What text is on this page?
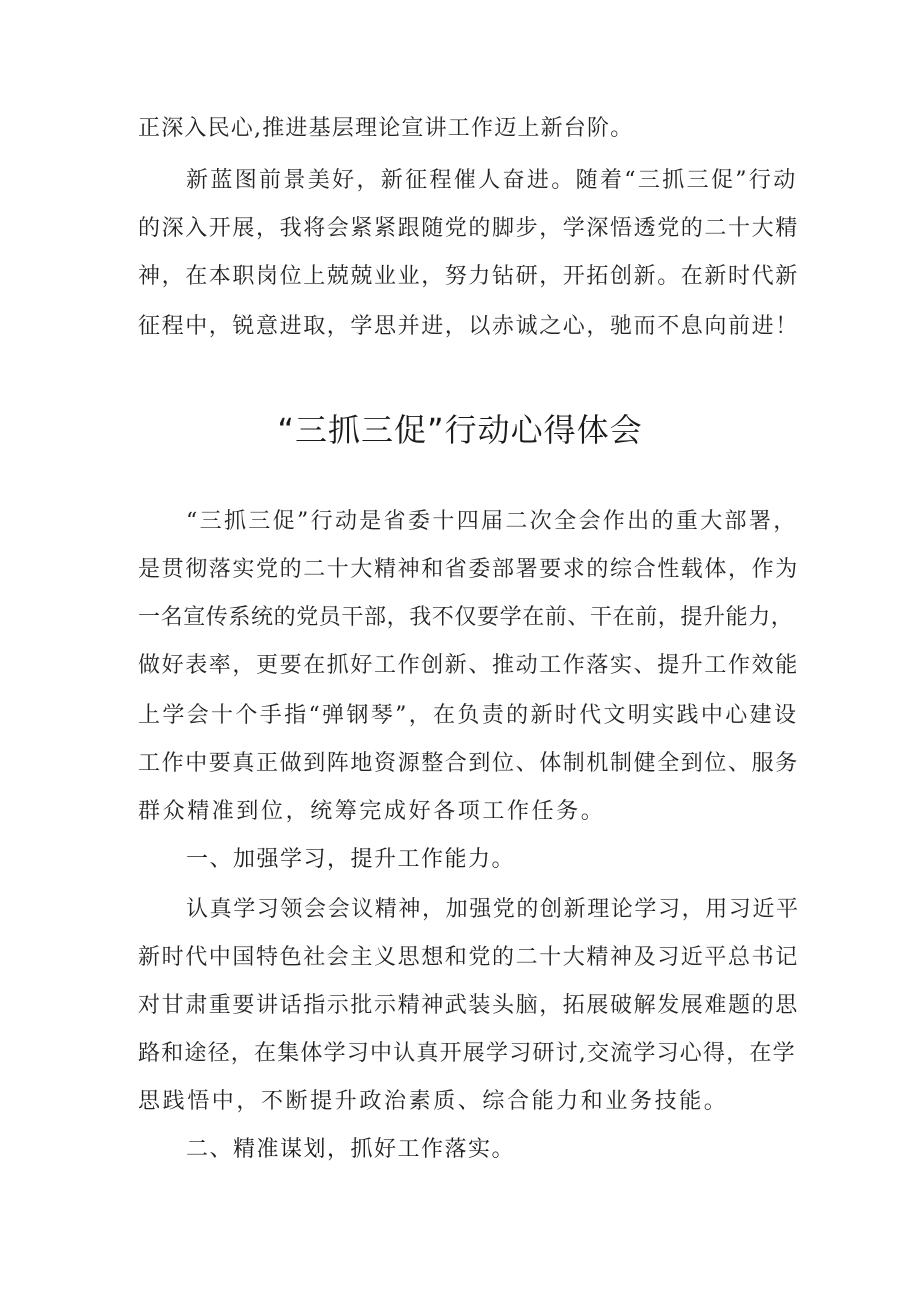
正深入民心,推进基层理论宣讲工作迈上新台阶。
新蓝图前景美好，新征程催人奋进。随着“三抓三促”行动
的深入开展，我将会紧紧跟随党的脚步，学深悟透党的二十大精
神，在本职岗位上兢兢业业，努力钻研，开拓创新。在新时代新
征程中，锐意进取，学思并进，以赤诚之心，驰而不息向前进！
“三抓三促”行动心得体会
“三抓三促”行动是省委十四届二次全会作出的重大部署，
是贯彻落实党的二十大精神和省委部署要求的综合性载体，作为
一名宣传系统的党员干部，我不仅要学在前、干在前，提升能力，
做好表率，更要在抓好工作创新、推动工作落实、提升工作效能
上学会十个手指“弹钢琴”，在负责的新时代文明实践中心建设
工作中要真正做到阵地资源整合到位、体制机制健全到位、服务
群众精准到位，统筹完成好各项工作任务。
一、加强学习，提升工作能力。
认真学习领会会议精神，加强党的创新理论学习，用习近平
新时代中国特色社会主义思想和党的二十大精神及习近平总书记
对甘肃重要讲话指示批示精神武装头脑，拓展破解发展难题的思
路和途径，在集体学习中认真开展学习研讨,交流学习心得，在学
思践悟中，不断提升政治素质、综合能力和业务技能。
二、精准谋划，抓好工作落实。
